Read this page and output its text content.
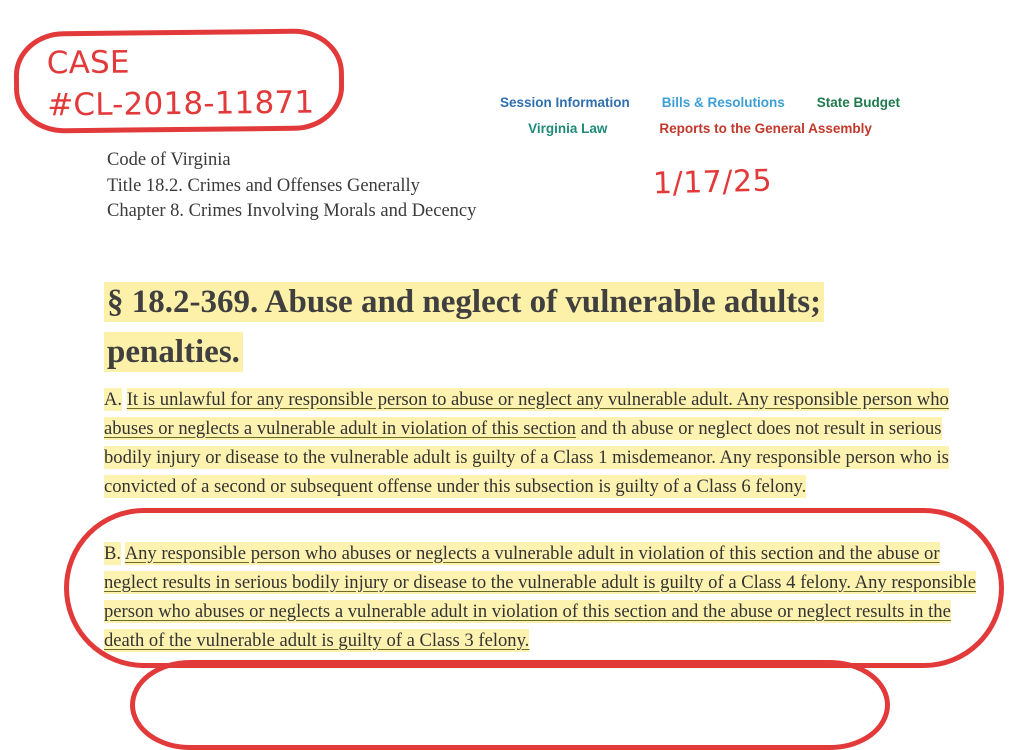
CASE
#CL-2018-11871	Session Information Bills & Resolutions State Budget
Virginia Law	Reports to the General Assembly
Code of Virginia
Title 18.2. Crimes and Offenses Generally
Chapter 8. Crimes Involving Morals and Decency
1/17/25
§ 18.2-369. Abuse and neglect of vulnerable adults; penalties.

A. It is unlawful for any responsible person to abuse or neglect any vulnerable adult. Any responsible person who abuses or neglects a vulnerable adult in violation of this section and th abuse or neglect does not result in serious bodily injury or disease to the vulnerable adult is guilty of a Class 1 misdemeanor. Any responsible person who is convicted of a second or subsequent offense under this subsection is guilty of a Class 6 felony.

B. Any responsible person who abuses or neglects a vulnerable adult in violation of this section and the abuse or neglect results in serious bodily injury or disease to the vulnerable adult is guilty of a Class 4 felony. Any responsible person who abuses or neglects a vulnerable adult in violation of this section and the abuse or neglect results in the death of the vulnerable adult is guilty of a Class 3 felony.
